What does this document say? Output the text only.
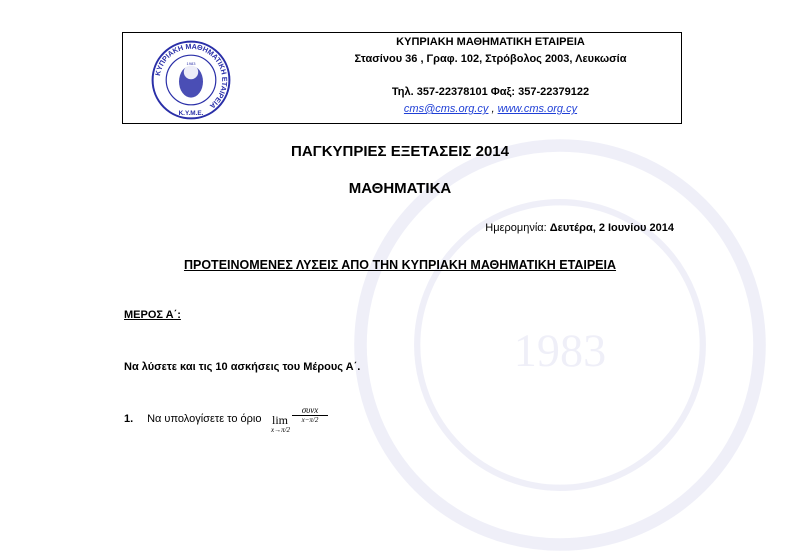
1983
ΚΥΠΡΙΑΚΗ ΜΑΘΗΜΑΤΙΚΗ ΕΤΑΙΡΕΙΑ
1983
Κ.Υ.Μ.Ε.
ΚΥΠΡΙΑΚΗ ΜΑΘΗΜΑΤΙΚΗ ΕΤΑΙΡΕΙΑ
Στασίνου 36 , Γραφ. 102, Στρόβολος 2003, Λευκωσία
Τηλ. 357-22378101 Φαξ: 357-22379122
cms@cms.org.cy , www.cms.org.cy
ΠΑΓΚΥΠΡΙΕΣ ΕΞΕΤΑΣΕΙΣ 2014
ΜΑΘΗΜΑΤΙΚΑ
Ημερομηνία: Δευτέρα, 2 Ιουνίου 2014
ΠΡΟΤΕΙΝΟΜΕΝΕΣ ΛΥΣΕΙΣ ΑΠΟ ΤΗΝ ΚΥΠΡΙΑΚΗ ΜΑΘΗΜΑΤΙΚΗ ΕΤΑΙΡΕΙΑ
ΜΕΡΟΣ Α΄:
Να λύσετε και τις 10 ασκήσεις του Μέρους Α΄.
1. Να υπολογίσετε το όριο lim
x→π/2
συνx
x−π/2
